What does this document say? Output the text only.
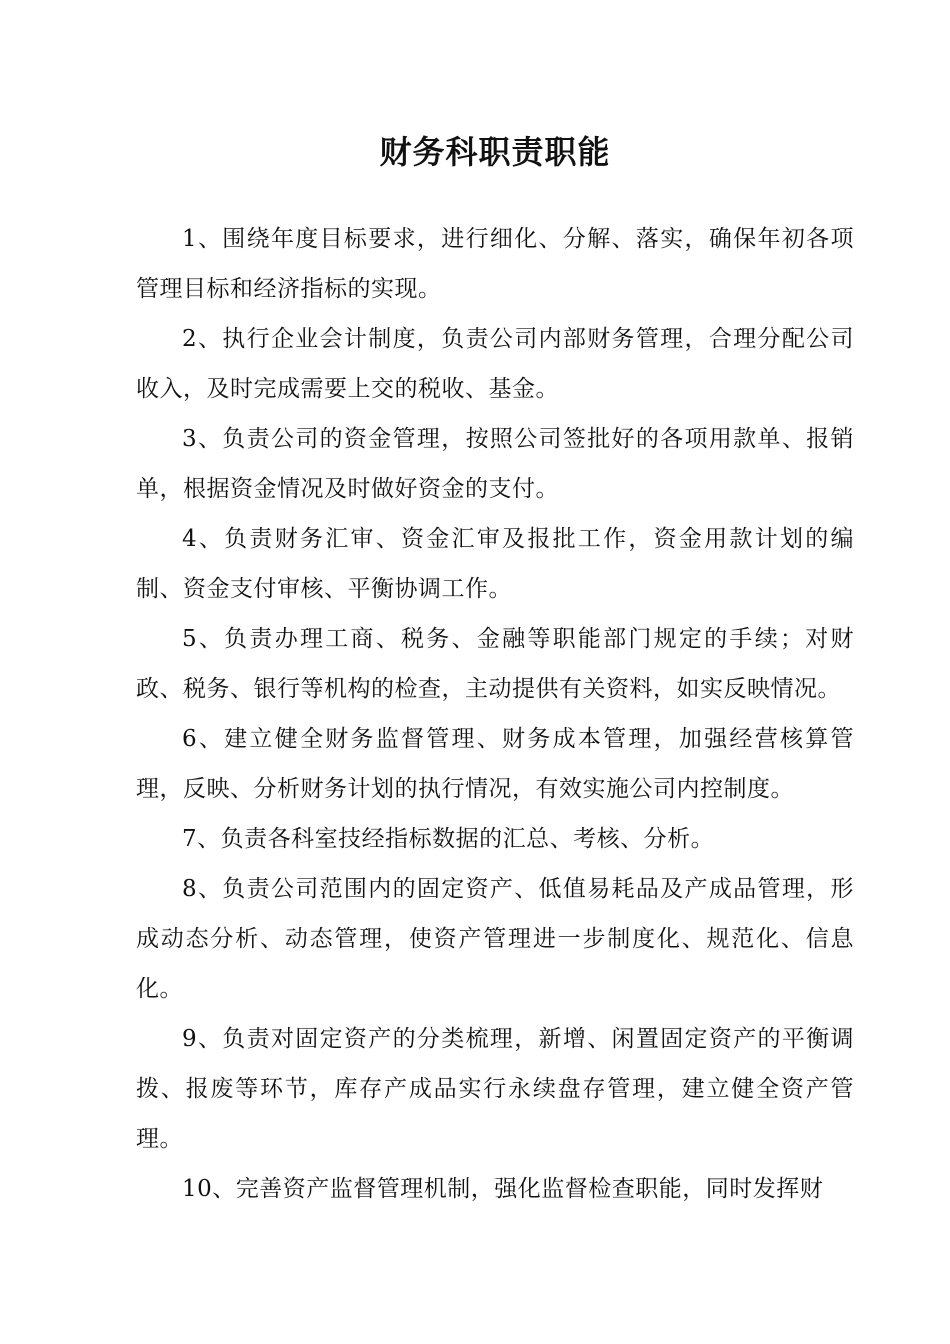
财务科职责职能

1、围绕年度目标要求，进行细化、分解、落实，确保年初各项管理目标和经济指标的实现。

2、执行企业会计制度，负责公司内部财务管理，合理分配公司收入，及时完成需要上交的税收、基金。

3、负责公司的资金管理，按照公司签批好的各项用款单、报销单，根据资金情况及时做好资金的支付。

4、负责财务汇审、资金汇审及报批工作，资金用款计划的编制、资金支付审核、平衡协调工作。

5、负责办理工商、税务、金融等职能部门规定的手续；对财政、税务、银行等机构的检查，主动提供有关资料，如实反映情况。

6、建立健全财务监督管理、财务成本管理，加强经营核算管理，反映、分析财务计划的执行情况，有效实施公司内控制度。

7、负责各科室技经指标数据的汇总、考核、分析。

8、负责公司范围内的固定资产、低值易耗品及产成品管理，形成动态分析、动态管理，使资产管理进一步制度化、规范化、信息化。

9、负责对固定资产的分类梳理，新增、闲置固定资产的平衡调拨、报废等环节，库存产成品实行永续盘存管理，建立健全资产管理。

10、完善资产监督管理机制，强化监督检查职能，同时发挥财
